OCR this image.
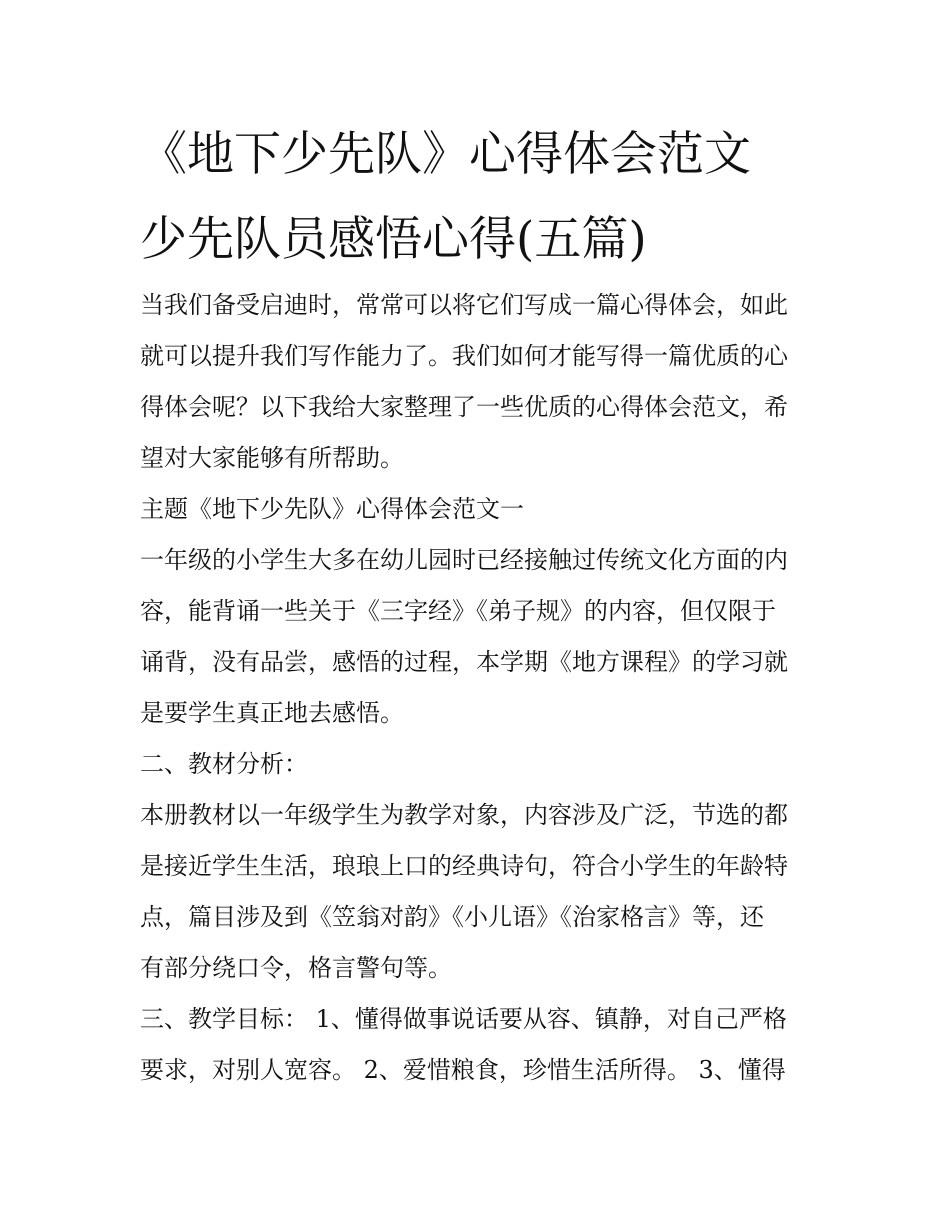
《地下少先队》心得体会范文
少先队员感悟心得(五篇)
当我们备受启迪时，常常可以将它们写成一篇心得体会，如此
就可以提升我们写作能力了。我们如何才能写得一篇优质的心
得体会呢？以下我给大家整理了一些优质的心得体会范文，希
望对大家能够有所帮助。
主题《地下少先队》心得体会范文一
一年级的小学生大多在幼儿园时已经接触过传统文化方面的内
容，能背诵一些关于《三字经》《弟子规》的内容，但仅限于
诵背，没有品尝，感悟的过程，本学期《地方课程》的学习就
是要学生真正地去感悟。
二、教材分析：
本册教材以一年级学生为教学对象，内容涉及广泛，节选的都
是接近学生生活，琅琅上口的经典诗句，符合小学生的年龄特
点，篇目涉及到《笠翁对韵》《小儿语》《治家格言》等，还
有部分绕口令，格言警句等。
三、教学目标： 1、懂得做事说话要从容、镇静，对自己严格
要求，对别人宽容。 2、爱惜粮食，珍惜生活所得。 3、懂得
